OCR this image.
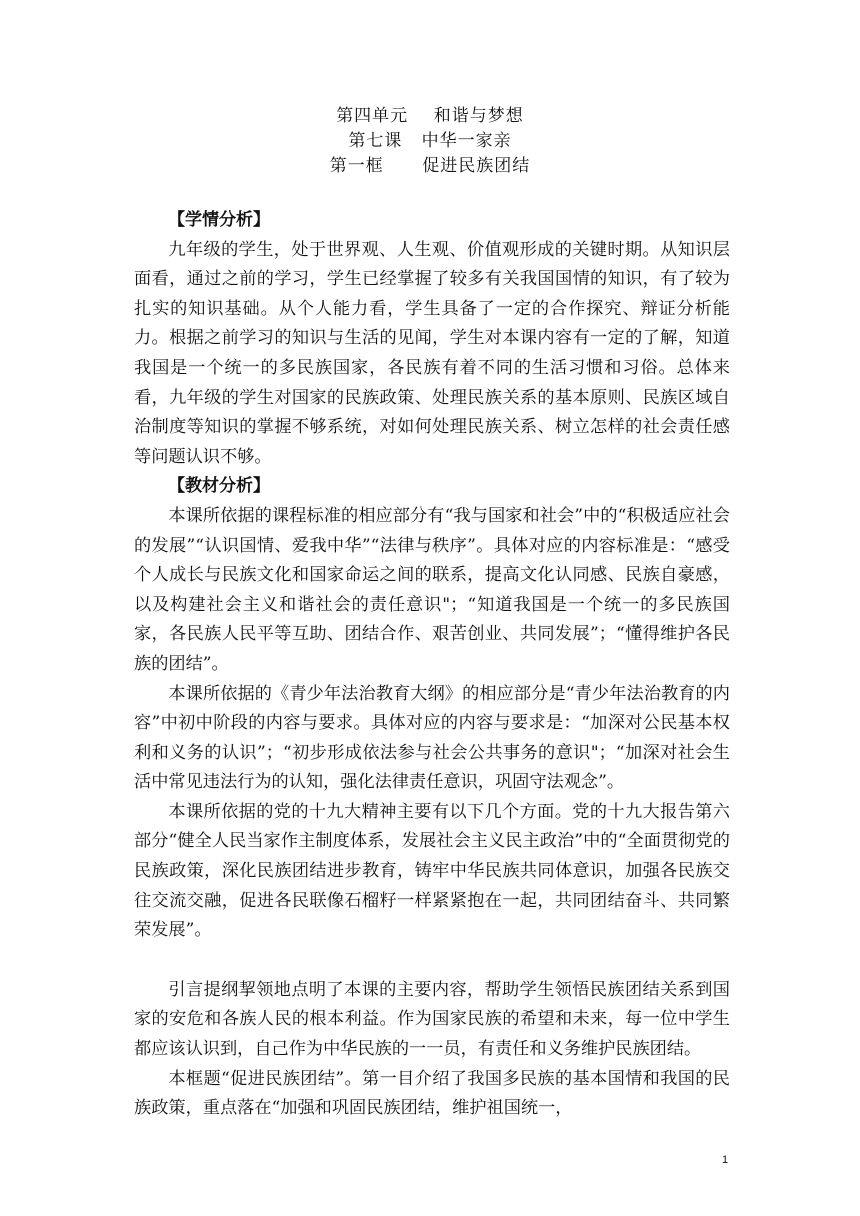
第四单元    和谐与梦想
第七课   中华一家亲
第一框      促进民族团结

【学情分析】

九年级的学生，处于世界观、人生观、价值观形成的关键时期。从知识层面看，通过之前的学习，学生已经掌握了较多有关我国国情的知识，有了较为扎实的知识基础。从个人能力看，学生具备了一定的合作探究、辩证分析能力。根据之前学习的知识与生活的见闻，学生对本课内容有一定的了解，知道我国是一个统一的多民族国家，各民族有着不同的生活习惯和习俗。总体来看，九年级的学生对国家的民族政策、处理民族关系的基本原则、民族区域自治制度等知识的掌握不够系统，对如何处理民族关系、树立怎样的社会责任感等问题认识不够。

【教材分析】

本课所依据的课程标准的相应部分有“我与国家和社会”中的“积极适应社会的发展”“认识国情、爱我中华”“法律与秩序”。具体对应的内容标准是：“感受个人成长与民族文化和国家命运之间的联系，提高文化认同感、民族自豪感，以及构建社会主义和谐社会的责任意识"；“知道我国是一个统一的多民族国家，各民族人民平等互助、团结合作、艰苦创业、共同发展”；“懂得维护各民族的团结”。

本课所依据的《青少年法治教育大纲》的相应部分是“青少年法治教育的内容”中初中阶段的内容与要求。具体对应的内容与要求是：“加深对公民基本权利和义务的认识”；“初步形成依法参与社会公共事务的意识"；“加深对社会生活中常见违法行为的认知，强化法律责任意识，巩固守法观念”。

本课所依据的党的十九大精神主要有以下几个方面。党的十九大报告第六部分“健全人民当家作主制度体系，发展社会主义民主政治”中的“全面贯彻党的民族政策，深化民族团结进步教育，铸牢中华民族共同体意识，加强各民族交往交流交融，促进各民联像石榴籽一样紧紧抱在一起，共同团结奋斗、共同繁荣发展”。

引言提纲挈领地点明了本课的主要内容，帮助学生领悟民族团结关系到国家的安危和各族人民的根本利益。作为国家民族的希望和未来，每一位中学生都应该认识到，自己作为中华民族的一一员，有责任和义务维护民族团结。

本框题“促进民族团结”。第一目介绍了我国多民族的基本国情和我国的民族政策，重点落在“加强和巩固民族团结，维护祖国统一，

1
